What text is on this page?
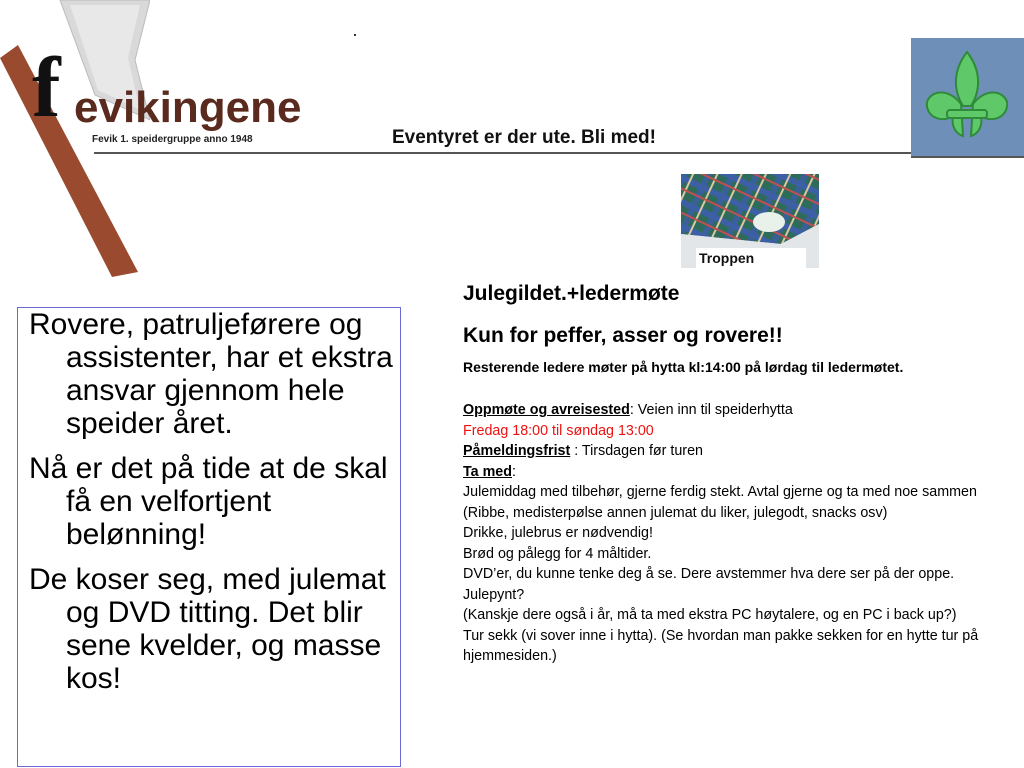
f evikingene
Fevik 1. speidergruppe anno 1948	Eventyret er der ute. Bli med!
Troppen

Rovere, patruljeførere og assistenter, har et ekstra ansvar gjennom hele speider året.

Nå er det på tide at de skal få en velfortjent belønning!

De koser seg, med julemat og DVD titting. Det blir sene kvelder, og masse kos!

Julegildet.+ledermøte
Kun for peffer, asser og rovere!!
Resterende ledere møter på hytta kl:14:00 på lørdag til ledermøtet.
Oppmøte og avreisested: Veien inn til speiderhytta
Fredag 18:00 til søndag 13:00
Påmeldingsfrist : Tirsdagen før turen
Ta med:
Julemiddag med tilbehør, gjerne ferdig stekt. Avtal gjerne og ta med noe sammen (Ribbe, medisterpølse annen julemat du liker, julegodt, snacks osv)
Drikke, julebrus er nødvendig!
Brød og pålegg for 4 måltider.
DVD’er, du kunne tenke deg å se. Dere avstemmer hva dere ser på der oppe.
Julepynt?
(Kanskje dere også i år, må ta med ekstra PC høytalere, og en PC i back up?)
Tur sekk (vi sover inne i hytta). (Se hvordan man pakke sekken for en hytte tur på hjemmesiden.)
